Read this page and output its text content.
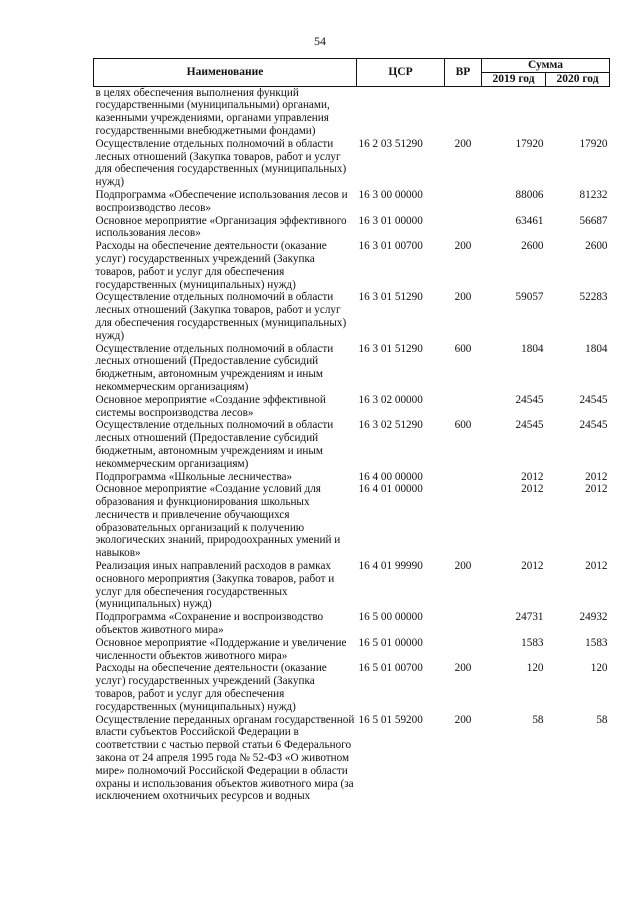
54
Наименование	ЦСР	ВР	Сумма	
			2019 год	2020 год
в целях обеспечения выполнения функций государственными (муниципальными) органами, казенными учреждениями, органами управления государственными внебюджетными фондами)				
Осуществление отдельных полномочий в области лесных отношений (Закупка товаров, работ и услуг для обеспечения государственных (муниципальных) нужд)	16 2 03 51290	200	17920	17920
Подпрограмма «Обеспечение использования лесов и воспроизводство лесов»	16 3 00 00000		88006	81232
Основное мероприятие «Организация эффективного использования лесов»	16 3 01 00000		63461	56687
Расходы на обеспечение деятельности (оказание услуг) государственных учреждений (Закупка товаров, работ и услуг для обеспечения государственных (муниципальных) нужд)	16 3 01 00700	200	2600	2600
Осуществление отдельных полномочий в области лесных отношений (Закупка товаров, работ и услуг для обеспечения государственных (муниципальных) нужд)	16 3 01 51290	200	59057	52283
Осуществление отдельных полномочий в области лесных отношений (Предоставление субсидий бюджетным, автономным учреждениям и иным некоммерческим организациям)	16 3 01 51290	600	1804	1804
Основное мероприятие «Создание эффективной системы воспроизводства лесов»	16 3 02 00000		24545	24545
Осуществление отдельных полномочий в области лесных отношений (Предоставление субсидий бюджетным, автономным учреждениям и иным некоммерческим организациям)	16 3 02 51290	600	24545	24545
Подпрограмма «Школьные лесничества»	16 4 00 00000		2012	2012
Основное мероприятие «Создание условий для образования и функционирования школьных лесничеств и привлечение обучающихся образовательных организаций к получению экологических знаний, природоохранных умений и навыков»	16 4 01 00000		2012	2012
Реализация иных направлений расходов в рамках основного мероприятия (Закупка товаров, работ и услуг для обеспечения государственных (муниципальных) нужд)	16 4 01 99990	200	2012	2012
Подпрограмма «Сохранение и воспроизводство объектов животного мира»	16 5 00 00000		24731	24932
Основное мероприятие «Поддержание и увеличение численности объектов животного мира»	16 5 01 00000		1583	1583
Расходы на обеспечение деятельности (оказание услуг) государственных учреждений (Закупка товаров, работ и услуг для обеспечения государственных (муниципальных) нужд)	16 5 01 00700	200	120	120
Осуществление переданных органам государственной власти субъектов Российской Федерации в соответствии с частью первой статьи 6 Федерального закона от 24 апреля 1995 года № 52-ФЗ «О животном мире» полномочий Российской Федерации в области охраны и использования объектов животного мира (за исключением охотничьих ресурсов и водных	16 5 01 59200	200	58	58
